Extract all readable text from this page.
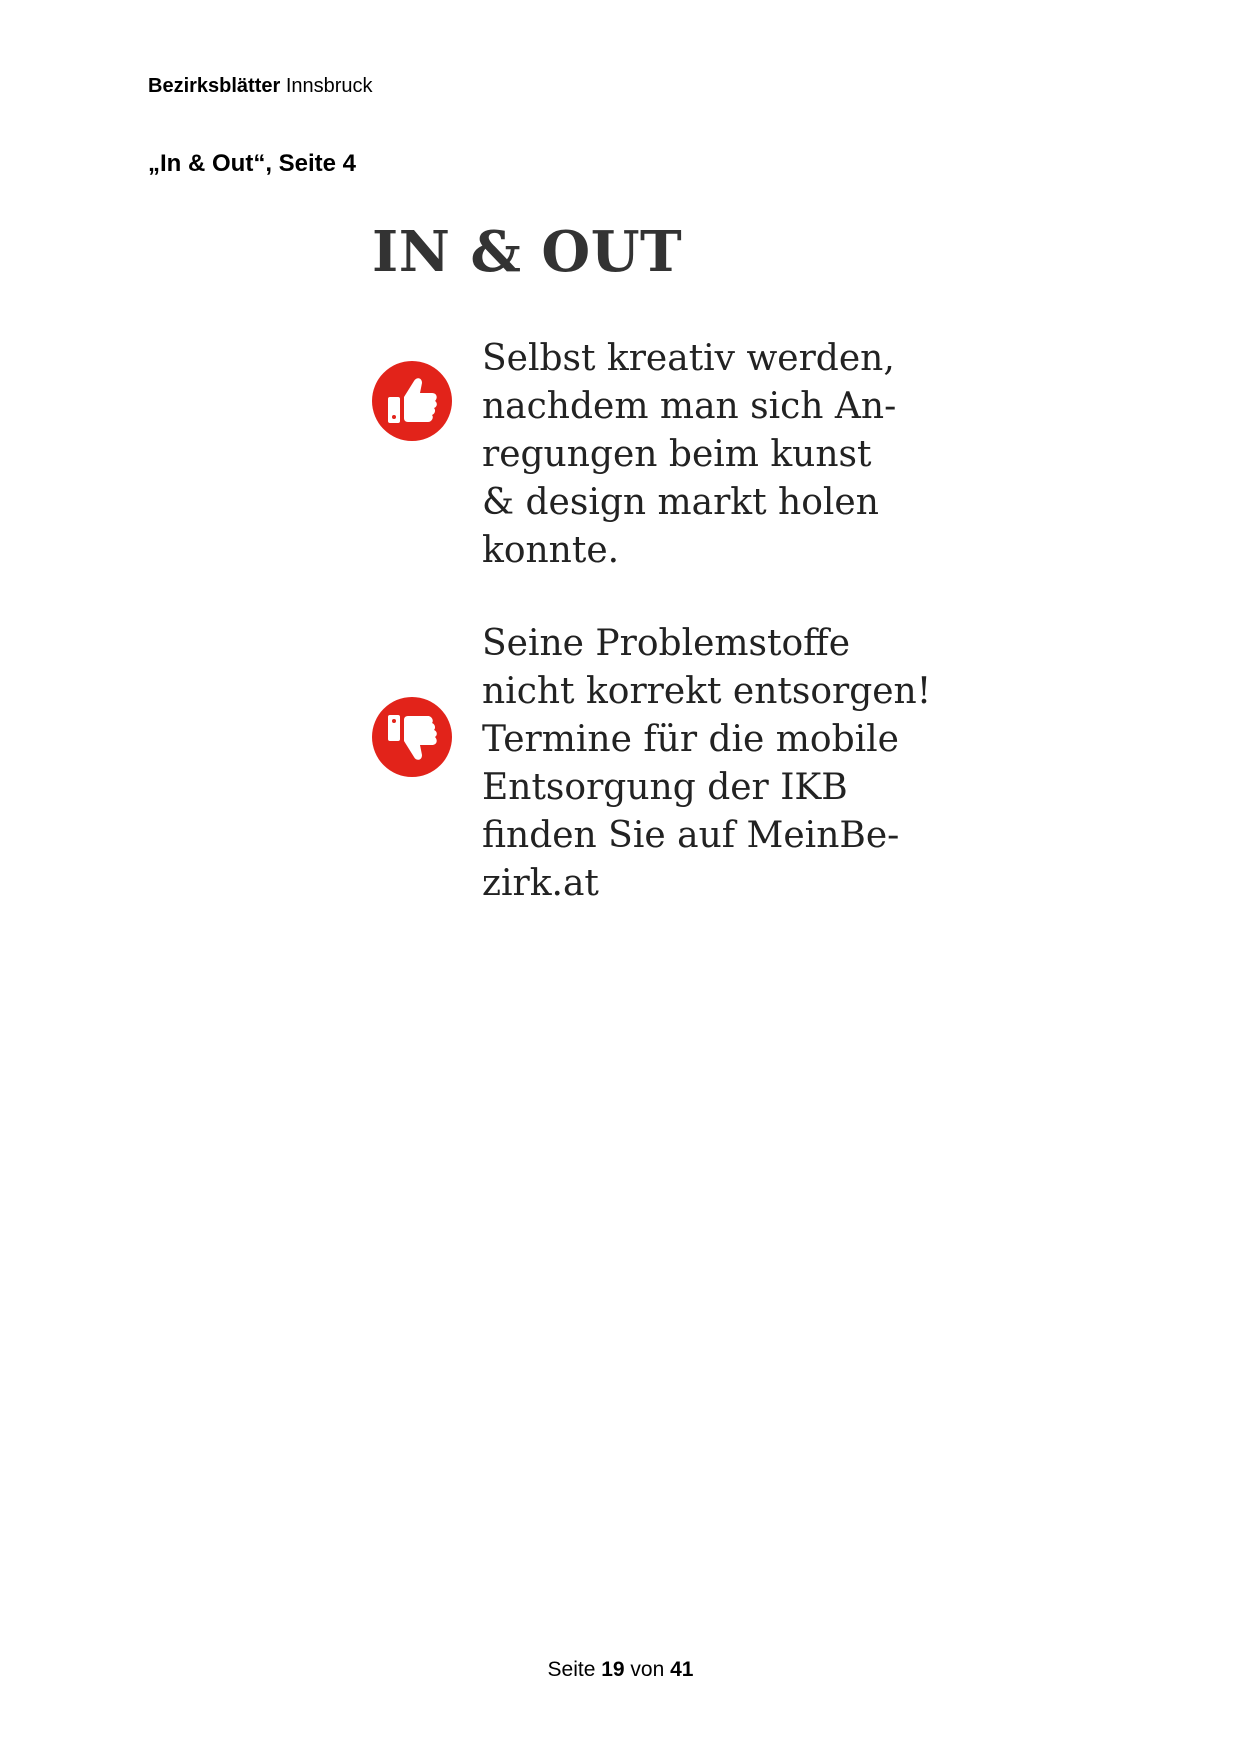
Bezirksblätter Innsbruck
„In & Out“, Seite 4
IN & OUT
Selbst kreativ werden,
nachdem man sich An-
regungen beim kunst
& design markt holen
konnte.
Seine Problemstoffe
nicht korrekt entsorgen!
Termine für die mobile
Entsorgung der IKB
finden Sie auf MeinBe-
zirk.at
Seite 19 von 41
